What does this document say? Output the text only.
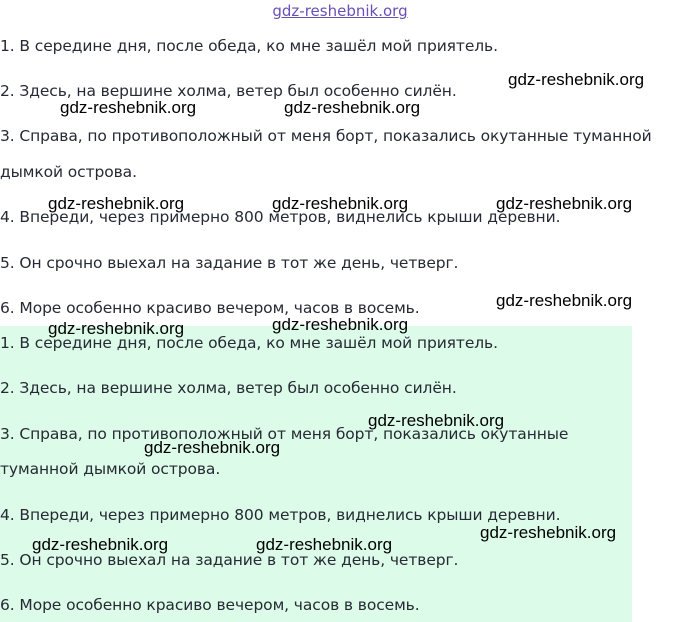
gdz-reshebnik.org
1. В середине дня, после обеда, ко мне зашёл мой приятель.
2. Здесь, на вершине холма, ветер был особенно силён.
3. Справа, по противоположный от меня борт, показались окутанные туманной
дымкой острова.
4. Впереди, через примерно 800 метров, виднелись крыши деревни.
5. Он срочно выехал на задание в тот же день, четверг.
6. Море особенно красиво вечером, часов в восемь.
1. В середине дня, после обеда, ко мне зашёл мой приятель.
2. Здесь, на вершине холма, ветер был особенно силён.
3. Справа, по противоположный от меня борт, показались окутанные
туманной дымкой острова.
4. Впереди, через примерно 800 метров, виднелись крыши деревни.
5. Он срочно выехал на задание в тот же день, четверг.
6. Море особенно красиво вечером, часов в восемь.
gdz-reshebnik.org
gdz-reshebnik.org	gdz-reshebnik.org
gdz-reshebnik.org	gdz-reshebnik.org	gdz-reshebnik.org
gdz-reshebnik.org
gdz-reshebnik.org	gdz-reshebnik.org
gdz-reshebnik.org
gdz-reshebnik.org
gdz-reshebnik.org
gdz-reshebnik.org	gdz-reshebnik.org
